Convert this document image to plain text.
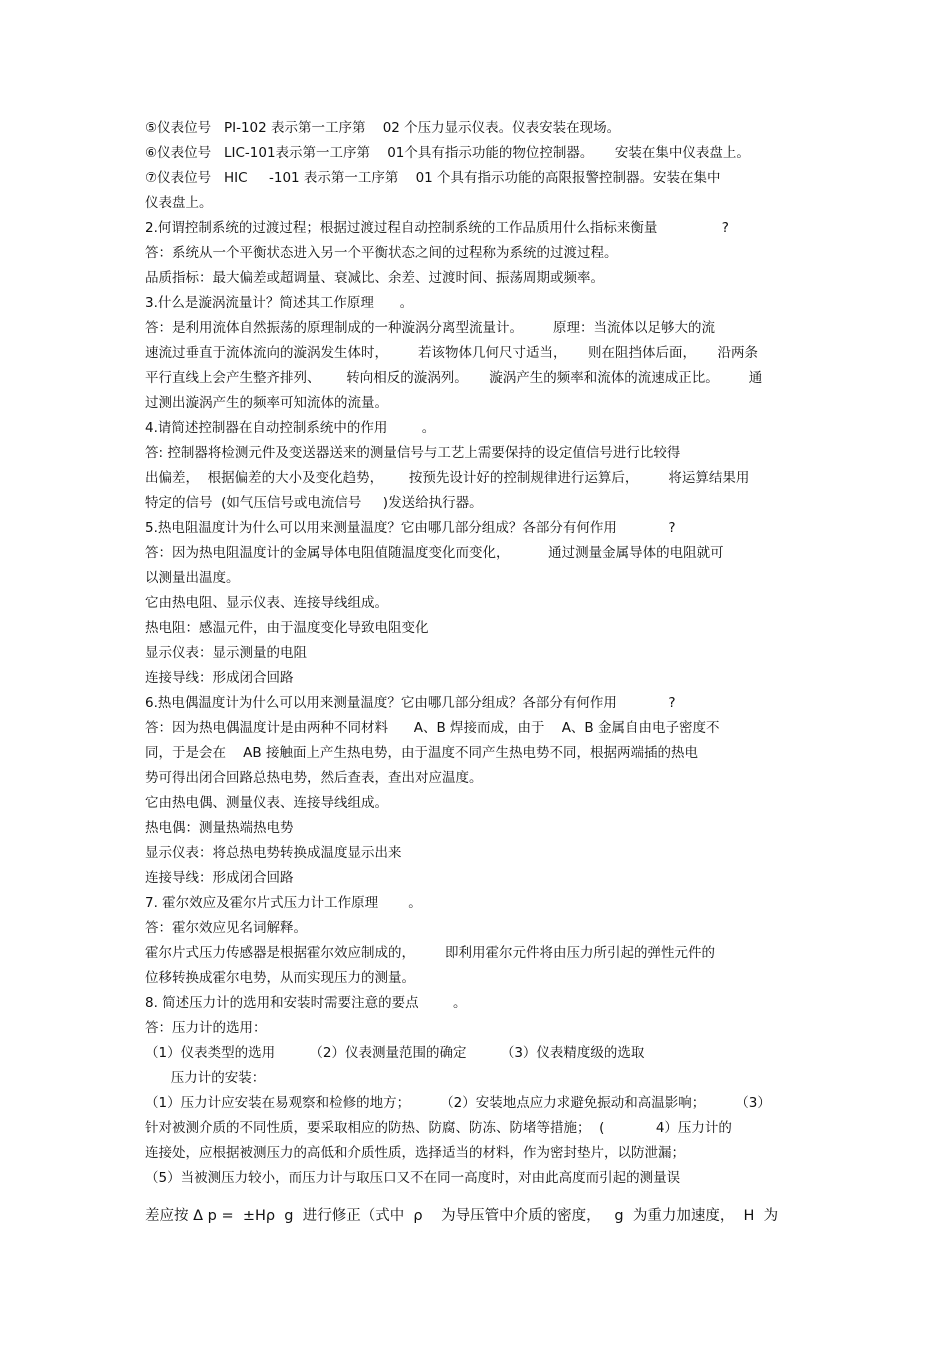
⑤仪表位号   PI-102 表示第一工序第    02 个压力显示仪表。仪表安装在现场。
⑥仪表位号   LIC-101表示第一工序第    01个具有指示功能的物位控制器。     安装在集中仪表盘上。
⑦仪表位号   HIC     -101 表示第一工序第    01 个具有指示功能的高限报警控制器。安装在集中
仪表盘上。
2.何谓控制系统的过渡过程；根据过渡过程自动控制系统的工作品质用什么指标来衡量               ?
答：系统从一个平衡状态进入另一个平衡状态之间的过程称为系统的过渡过程。
品质指标：最大偏差或超调量、衰减比、余差、过渡时间、振荡周期或频率。
3.什么是漩涡流量计？简述其工作原理      。
答：是利用流体自然振荡的原理制成的一种漩涡分离型流量计。       原理：当流体以足够大的流
速流过垂直于流体流向的漩涡发生体时，       若该物体几何尺寸适当，     则在阻挡体后面，     沿两条
平行直线上会产生整齐排列、      转向相反的漩涡列。     漩涡产生的频率和流体的流速成正比。       通
过测出漩涡产生的频率可知流体的流量。
4.请简述控制器在自动控制系统中的作用        。
答: 控制器将检测元件及变送器送来的测量信号与工艺上需要保持的设定值信号进行比较得
出偏差，  根据偏差的大小及变化趋势，      按预先设计好的控制规律进行运算后，       将运算结果用
特定的信号  (如气压信号或电流信号     )发送给执行器。
5.热电阻温度计为什么可以用来测量温度？它由哪几部分组成？各部分有何作用            ?
答：因为热电阻温度计的金属导体电阻值随温度变化而变化，         通过测量金属导体的电阻就可
以测量出温度。
它由热电阻、显示仪表、连接导线组成。
热电阻：感温元件，由于温度变化导致电阻变化
显示仪表：显示测量的电阻
连接导线：形成闭合回路
6.热电偶温度计为什么可以用来测量温度？它由哪几部分组成？各部分有何作用            ?
答：因为热电偶温度计是由两种不同材料      A、B 焊接而成，由于    A、B 金属自由电子密度不
同，于是会在    AB 接触面上产生热电势，由于温度不同产生热电势不同，根据两端插的热电
势可得出闭合回路总热电势，然后查表，查出对应温度。
它由热电偶、测量仪表、连接导线组成。
热电偶：测量热端热电势
显示仪表：将总热电势转换成温度显示出来
连接导线：形成闭合回路
7. 霍尔效应及霍尔片式压力计工作原理       。
答：霍尔效应见名词解释。
霍尔片式压力传感器是根据霍尔效应制成的，       即利用霍尔元件将由压力所引起的弹性元件的
位移转换成霍尔电势，从而实现压力的测量。
8. 简述压力计的选用和安装时需要注意的要点        。
答：压力计的选用：
（1）仪表类型的选用        （2）仪表测量范围的确定        （3）仪表精度级的选取
压力计的安装：
（1）压力计应安装在易观察和检修的地方；       （2）安装地点应力求避免振动和高温影响；       （3）
针对被测介质的不同性质，要采取相应的防热、防腐、防冻、防堵等措施；  (            4）压力计的
连接处，应根据被测压力的高低和介质性质，选择适当的材料，作为密封垫片，以防泄漏；
（5）当被测压力较小，而压力计与取压口又不在同一高度时，对由此高度而引起的测量误
差应按 Δ p =  ±Hρ  g  进行修正（式中  ρ    为导压管中介质的密度，   g  为重力加速度，  H  为
